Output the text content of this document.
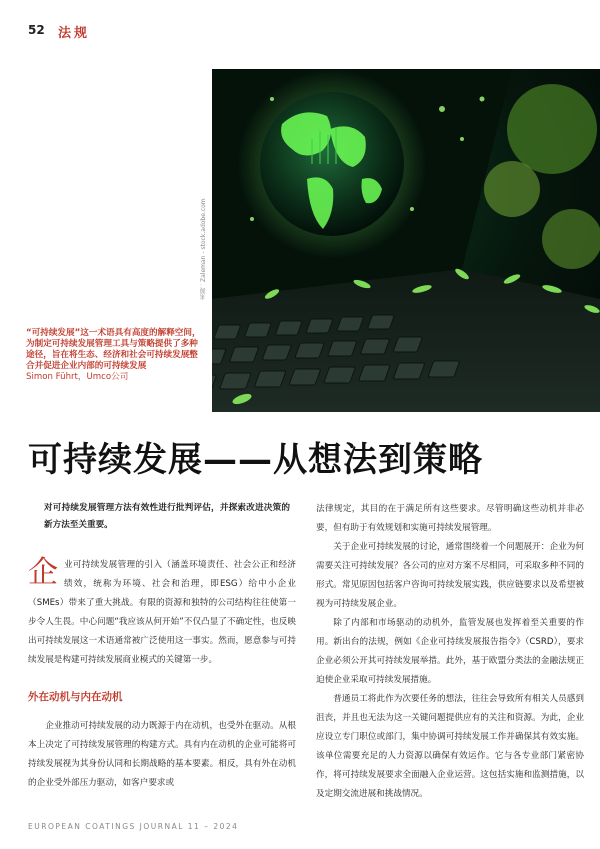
52 法规
来源：Zaleman - stock.adobe.com
“可持续发展”这一术语具有高度的解释空间，为制定可持续发展管理工具与策略提供了多种途径，旨在将生态、经济和社会可持续发展整合并促进企业内部的可持续发展
Simon Führt，Umco公司
可持续发展——从想法到策略

对可持续发展管理方法有效性进行批判评估，并探索改进决策的新方法至关重要。

企业可持续发展管理的引入（涵盖环境责任、社会公正和经济绩效，统称为环境、社会和治理，即ESG）给中小企业（SMEs）带来了重大挑战。有限的资源和独特的公司结构往往使第一步令人生畏。中心问题“我应该从何开始”不仅凸显了不确定性，也反映出可持续发展这一术语通常被广泛使用这一事实。然而，愿意参与可持续发展是构建可持续发展商业模式的关键第一步。

外在动机与内在动机

企业推动可持续发展的动力既源于内在动机，也受外在驱动。从根本上决定了可持续发展管理的构建方式。具有内在动机的企业可能将可持续发展视为其身份认同和长期战略的基本要素。相反，具有外在动机的企业受外部压力驱动，如客户要求或

法律规定，其目的在于满足所有这些要求。尽管明确这些动机并非必要，但有助于有效规划和实施可持续发展管理。

关于企业可持续发展的讨论，通常围绕着一个问题展开：企业为何需要关注可持续发展？各公司的应对方案不尽相同，可采取多种不同的形式。常见原因包括客户咨询可持续发展实践，供应链要求以及希望被视为可持续发展企业。

除了内部和市场驱动的动机外，监管发展也发挥着至关重要的作用。新出台的法规，例如《企业可持续发展报告指令》（CSRD），要求企业必须公开其可持续发展举措。此外，基于欧盟分类法的金融法规正迫使企业采取可持续发展措施。

普通员工将此作为次要任务的想法，往往会导致所有相关人员感到沮丧，并且也无法为这一关键问题提供应有的关注和资源。为此，企业应设立专门职位或部门，集中协调可持续发展工作并确保其有效实施。该单位需要充足的人力资源以确保有效运作。它与各专业部门紧密协作，将可持续发展要求全面融入企业运营。这包括实施和监测措施，以及定期交流进展和挑战情况。

EUROPEAN COATINGS JOURNAL 11 – 2024
